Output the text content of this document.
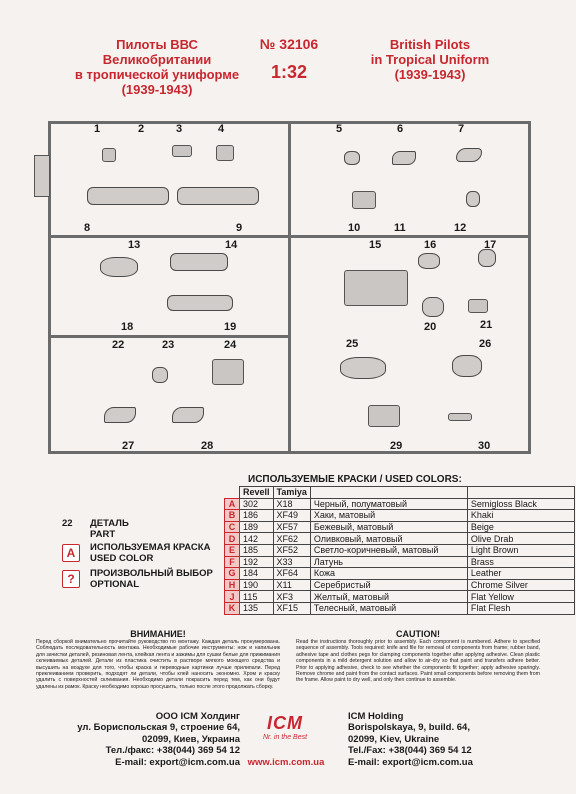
Пилоты ВВС
Великобритании
в тропической униформе
(1939-1943)
№ 32106
1:32
British Pilots
in Tropical Uniform
(1939-1943)
1	2	3	4	5	6	7
8	9	10	11	12
13	14	15	16	17
18	19	20	21
22	23	24	25	26
27	28	29	30
ИСПОЛЬЗУЕМЫЕ КРАСКИ / USED COLORS:
	Revell	Tamiya		
A	302	X18	Черный, полуматовый	Semigloss Black
B	186	XF49	Хаки, матовый	Khaki
C	189	XF57	Бежевый, матовый	Beige
D	142	XF62	Оливковый, матовый	Olive Drab
E	185	XF52	Светло-коричневый, матовый	Light Brown
F	192	X33	Латунь	Brass
G	184	XF64	Кожа	Leather
H	190	X11	Серебристый	Chrome Silver
J	115	XF3	Желтый, матовый	Flat Yellow
K	135	XF15	Телесный, матовый	Flat Flesh
22 ДЕТАЛЬ
PART
A	ИСПОЛЬЗУЕМАЯ КРАСКА
USED COLOR
?	ПРОИЗВОЛЬНЫЙ ВЫБОР
OPTIONAL
ВНИМАНИЕ!
Перед сборкой внимательно прочитайте руководство по монтажу. Каждая деталь пронумерована. Соблюдать последовательность монтажа. Необходимые рабочие инструменты: нож и напильник для зачистки деталей, резиновая лента, клейкая лента и зажимы для сушки белые для прижимания склеиваемых деталей. Детали из пластика очистить в растворе мягкого моющего средства и высушить на воздухе для того, чтобы краска и переводные картинки лучше прилипали. Перед приклеиванием проверить, подходят ли детали, чтобы клей наносить экономно. Хром и краску удалить с поверхностей склеивания. Необходимо детали покрасить перед тем, как они будут удалены из рамок. Краску необходимо хорошо просушить, только после этого продолжать сборку.
CAUTION!
Read the instructions thoroughly prior to assembly. Each component is numbered. Adhere to specified sequence of assembly. Tools required: knife and file for removal of components from frame; rubber band, adhesive tape and clothes pegs for clamping components together after applying adhesive. Clean plastic components in a mild detergent solution and allow to air-dry so that paint and transfers adhere better. Prior to applying adhesive, check to see whether the components fit together; apply adhesive sparingly. Remove chrome and paint from the contact surfaces. Paint small components before removing them from the frame. Allow paint to dry well, and only then continue to assemble.
ООО ICM Холдинг
ул. Бориспольская 9, строение 64,
02099, Киев, Украина
Тел./факс: +38(044) 369 54 12
E-mail: export@icm.com.ua
ICM
Nr. in the Best
www.icm.com.ua
ICM Holding
Borispolskaya, 9, build. 64,
02099, Kiev, Ukraine
Tel./Fax: +38(044) 369 54 12
E-mail: export@icm.com.ua
